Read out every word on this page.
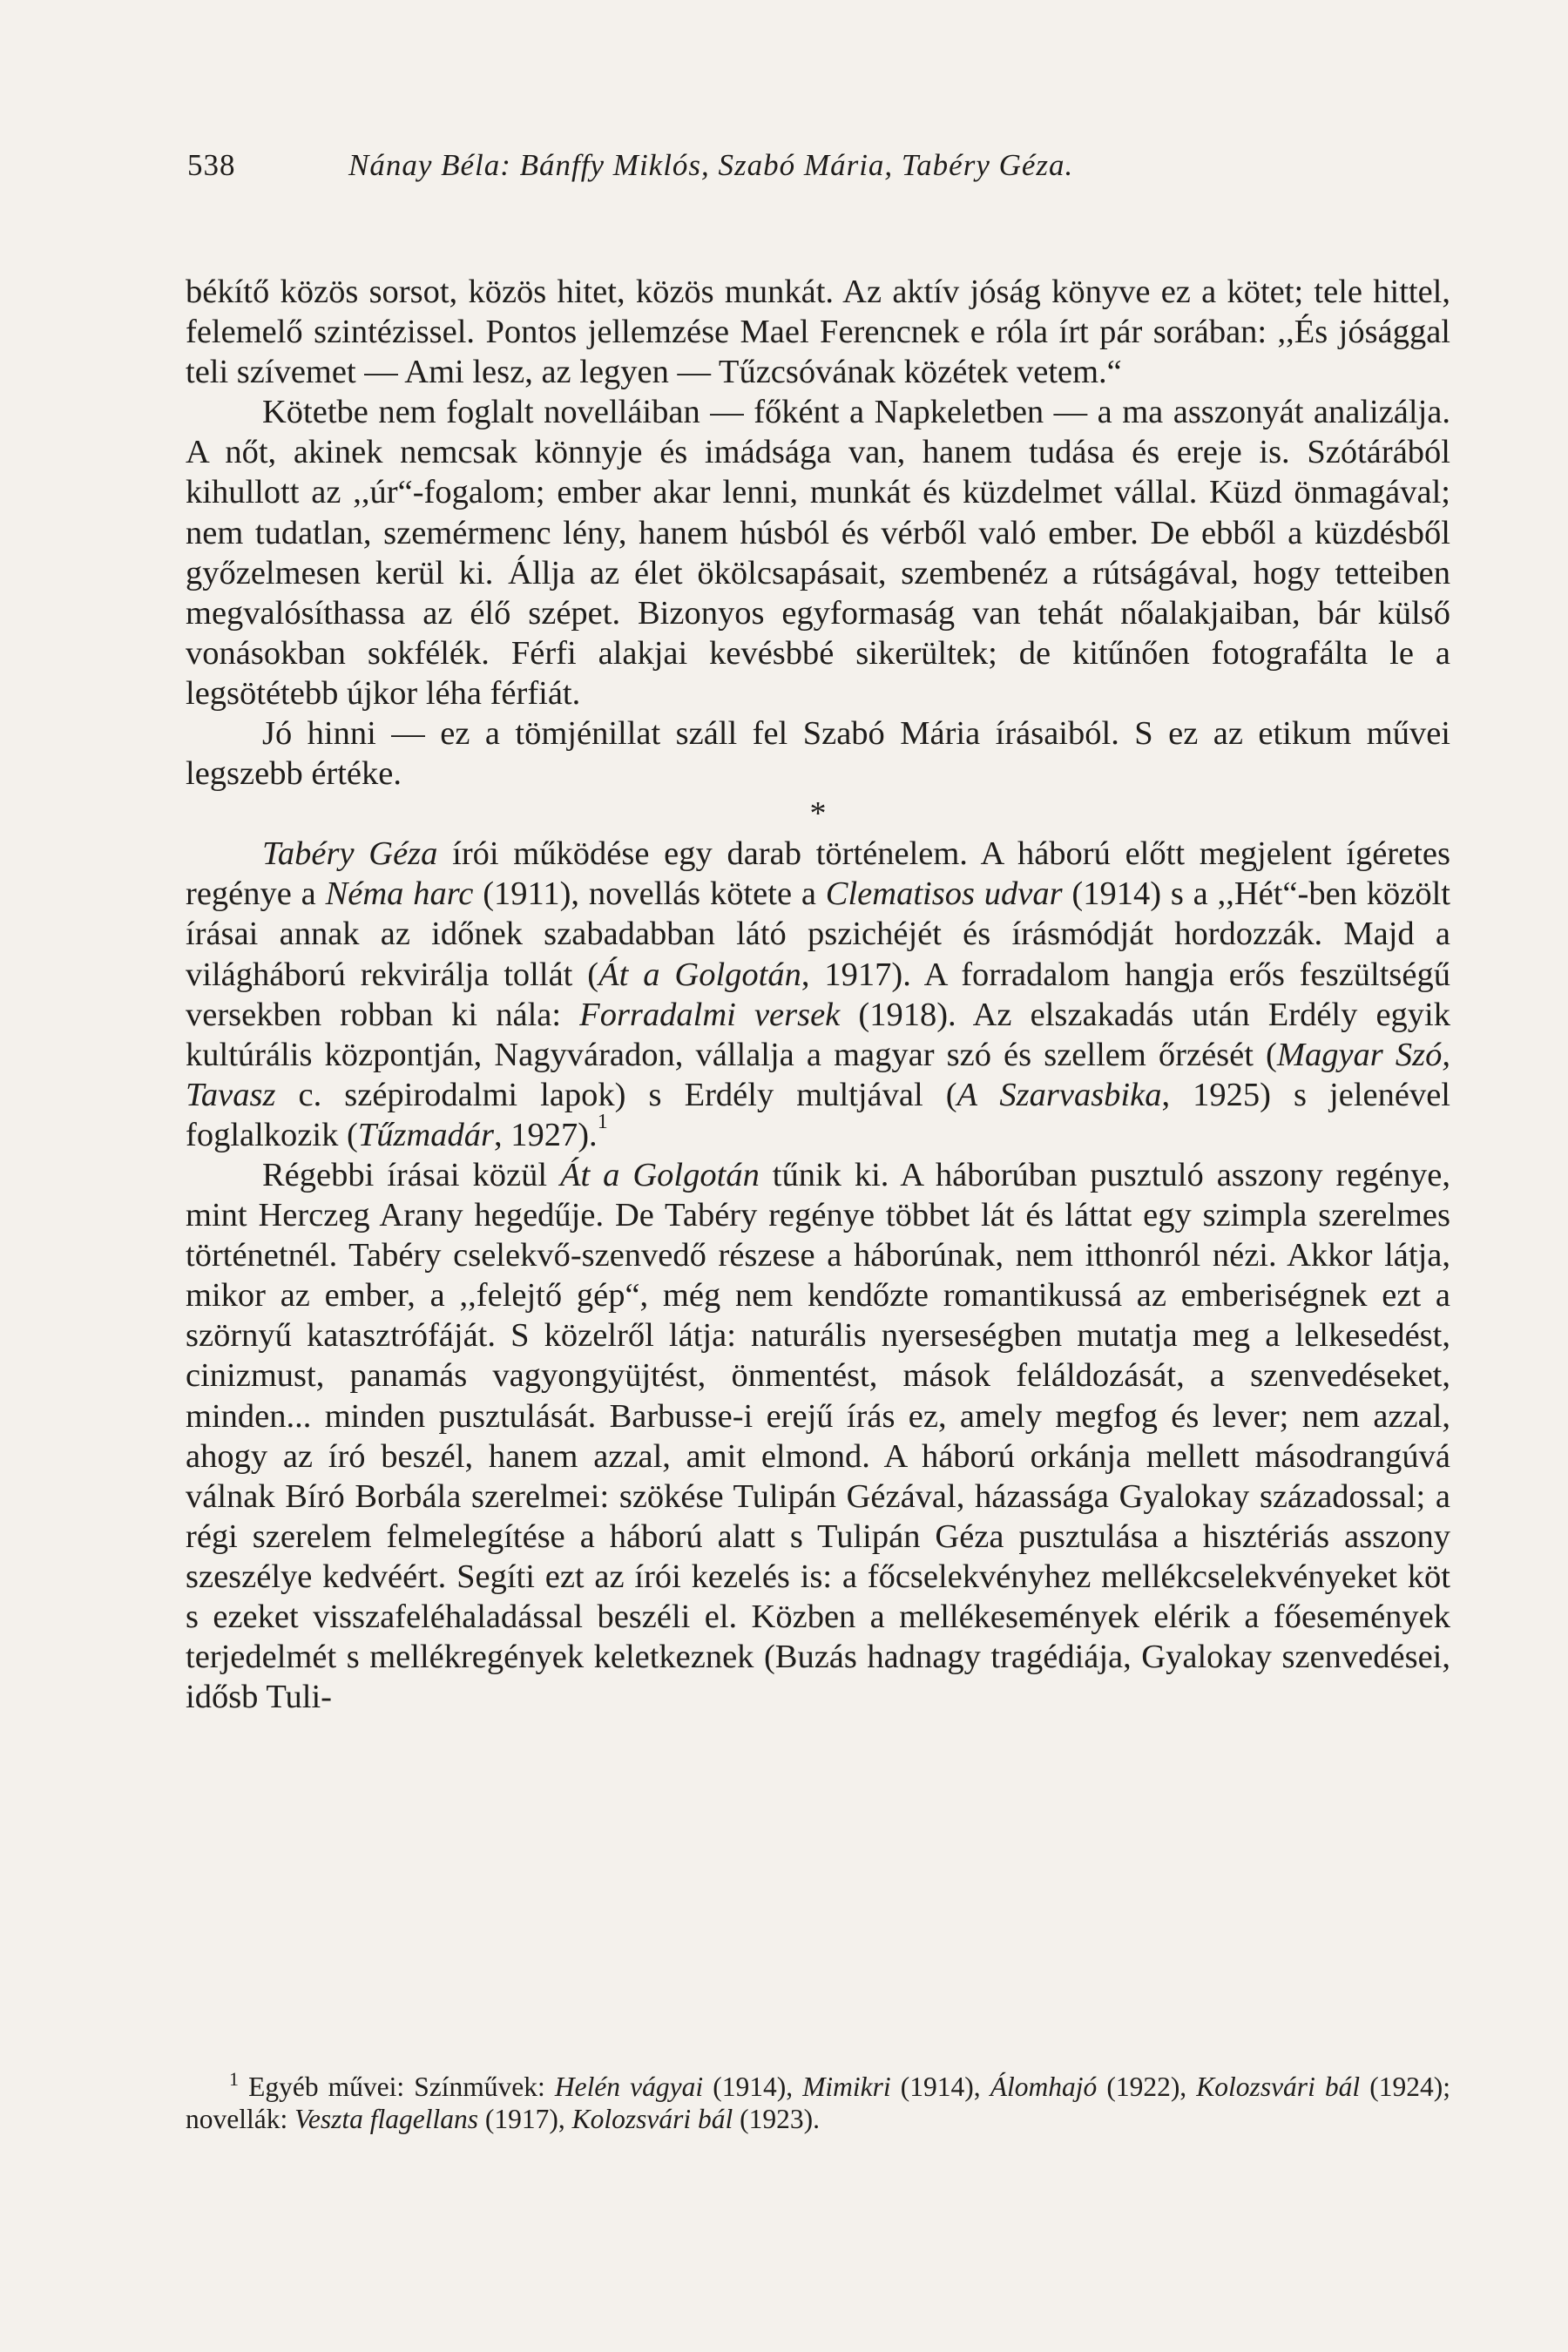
538	Nánay Béla: Bánffy Miklós, Szabó Mária, Tabéry Géza.

békítő közös sorsot, közös hitet, közös munkát. Az aktív jóság könyve ez a kötet; tele hittel, felemelő szintézissel. Pontos jellemzése Mael Ferencnek e róla írt pár sorában: ,,És jósággal teli szívemet — Ami lesz, az legyen — Tűzcsóvának közétek vetem.“

Kötetbe nem foglalt novelláiban — főként a Napkeletben — a ma asszonyát analizálja. A nőt, akinek nemcsak könnyje és imádsága van, hanem tudása és ereje is. Szótárából kihullott az ,,úr“-fogalom; ember akar lenni, munkát és küzdelmet vállal. Küzd önmagával; nem tudatlan, szemérmenc lény, hanem húsból és vérből való ember. De ebből a küzdésből győzelmesen kerül ki. Állja az élet ökölcsapásait, szembenéz a rútságával, hogy tetteiben megvalósíthassa az élő szépet. Bizonyos egyformaság van tehát nőalakjaiban, bár külső vonásokban sokfélék. Férfi alakjai kevésbbé sikerültek; de kitűnően fotografálta le a legsötétebb újkor léha férfiát.

Jó hinni — ez a tömjénillat száll fel Szabó Mária írásaiból. S ez az etikum művei legszebb értéke.

*

Tabéry Géza írói működése egy darab történelem. A háború előtt megjelent ígéretes regénye a Néma harc (1911), novellás kötete a Clematisos udvar (1914) s a ,,Hét“-ben közölt írásai annak az időnek szabadabban látó pszichéjét és írásmódját hordozzák. Majd a világháború rekvirálja tollát (Át a Golgotán, 1917). A forradalom hangja erős feszültségű versekben robban ki nála: Forradalmi versek (1918). Az elszakadás után Erdély egyik kultúrális központján, Nagyváradon, vállalja a magyar szó és szellem őrzését (Magyar Szó, Tavasz c. szépirodalmi lapok) s Erdély multjával (A Szarvasbika, 1925) s jelenével foglalkozik (Tűzmadár, 1927).$^1$

Régebbi írásai közül Át a Golgotán tűnik ki. A háborúban pusztuló asszony regénye, mint Herczeg Arany hegedűje. De Tabéry regénye többet lát és láttat egy szimpla szerelmes történetnél. Tabéry cselekvő-szenvedő részese a háborúnak, nem itthonról nézi. Akkor látja, mikor az ember, a ,,felejtő gép“, még nem kendőzte romantikussá az emberiségnek ezt a szörnyű katasztrófáját. S közelről látja: naturális nyerseségben mutatja meg a lelkesedést, cinizmust, panamás vagyongyüjtést, önmentést, mások feláldozását, a szenvedéseket, minden... minden pusztulását. Barbusse-i erejű írás ez, amely megfog és lever; nem azzal, ahogy az író beszél, hanem azzal, amit elmond. A háború orkánja mellett másodrangúvá válnak Bíró Borbála szerelmei: szökése Tulipán Gézával, házassága Gyalokay századossal; a régi szerelem felmelegítése a háború alatt s Tulipán Géza pusztulása a hisztériás asszony szeszélye kedvéért. Segíti ezt az írói kezelés is: a főcselekvényhez mellékcselekvényeket köt s ezeket visszafeléhaladással beszéli el. Közben a mellékesemények elérik a főesemények terjedelmét s mellékregények keletkeznek (Buzás hadnagy tragédiája, Gyalokay szenvedései, idősb Tuli-

$^1$ Egyéb művei: Színművek: Helén vágyai (1914), Mimikri (1914), Álomhajó (1922), Kolozsvári bál (1924); novellák: Veszta flagellans (1917), Kolozsvári bál (1923).
